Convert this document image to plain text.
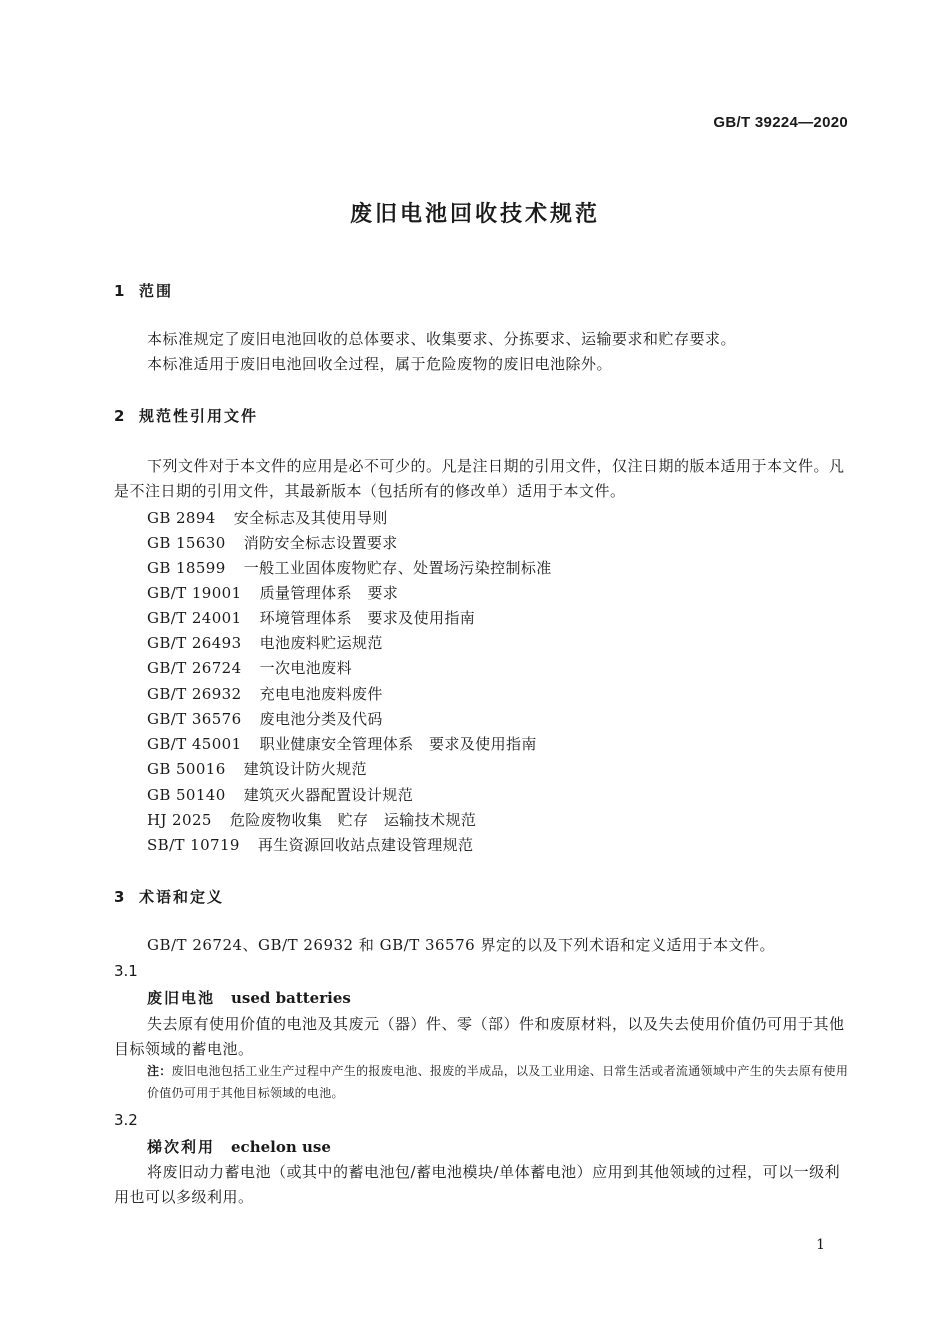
GB/T 39224—2020
废旧电池回收技术规范
1 范围
本标准规定了废旧电池回收的总体要求、收集要求、分拣要求、运输要求和贮存要求。
本标准适用于废旧电池回收全过程，属于危险废物的废旧电池除外。
2 规范性引用文件
下列文件对于本文件的应用是必不可少的。凡是注日期的引用文件，仅注日期的版本适用于本文件。凡是不注日期的引用文件，其最新版本（包括所有的修改单）适用于本文件。
GB 2894 安全标志及其使用导则
GB 15630 消防安全标志设置要求
GB 18599 一般工业固体废物贮存、处置场污染控制标准
GB/T 19001 质量管理体系　要求
GB/T 24001 环境管理体系　要求及使用指南
GB/T 26493 电池废料贮运规范
GB/T 26724 一次电池废料
GB/T 26932 充电电池废料废件
GB/T 36576 废电池分类及代码
GB/T 45001 职业健康安全管理体系　要求及使用指南
GB 50016 建筑设计防火规范
GB 50140 建筑灭火器配置设计规范
HJ 2025 危险废物收集　贮存　运输技术规范
SB/T 10719 再生资源回收站点建设管理规范
3 术语和定义
GB/T 26724、GB/T 26932 和 GB/T 36576 界定的以及下列术语和定义适用于本文件。
3.1
废旧电池 used batteries
失去原有使用价值的电池及其废元（器）件、零（部）件和废原材料，以及失去使用价值仍可用于其他目标领域的蓄电池。
注：废旧电池包括工业生产过程中产生的报废电池、报废的半成品，以及工业用途、日常生活或者流通领域中产生的失去原有使用价值仍可用于其他目标领域的电池。
3.2
梯次利用 echelon use
将废旧动力蓄电池（或其中的蓄电池包/蓄电池模块/单体蓄电池）应用到其他领域的过程，可以一级利用也可以多级利用。
1
